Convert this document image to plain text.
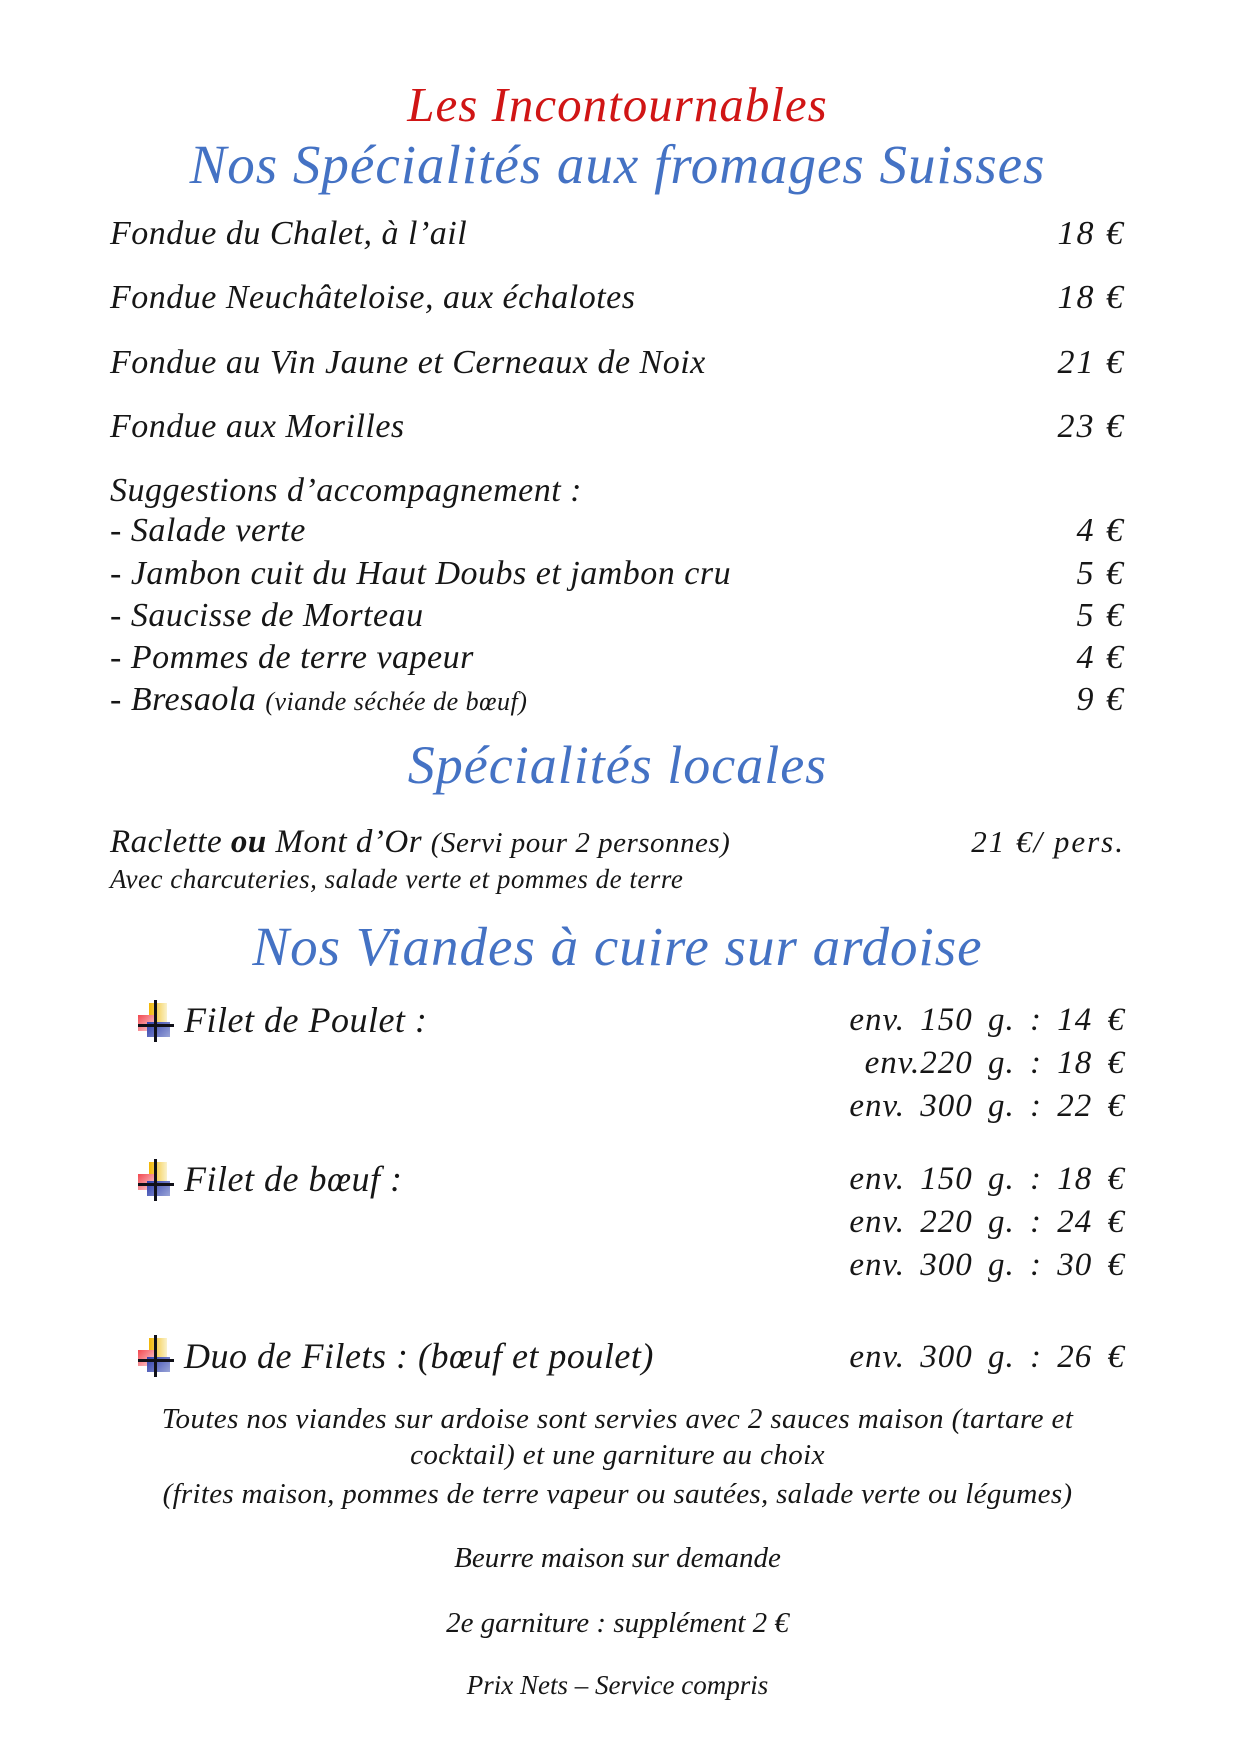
Les Incontournables
Nos Spécialités aux fromages Suisses
Fondue du Chalet, à l’ail	18 €
Fondue Neuchâteloise, aux échalotes	18 €
Fondue au Vin Jaune et Cerneaux de Noix	21 €
Fondue aux Morilles	23 €
Suggestions d’accompagnement :
- Salade verte	4 €
- Jambon cuit du Haut Doubs et jambon cru	5 €
- Saucisse de Morteau	5 €
- Pommes de terre vapeur	4 €
- Bresaola (viande séchée de bœuf)	9 €
Spécialités locales
Raclette ou Mont d’Or (Servi pour 2 personnes)	21 €/ pers.
Avec charcuteries, salade verte et pommes de terre
Nos Viandes à cuire sur ardoise
Filet de Poulet :	env. 150 g. : 14 €
env.220 g. : 18 €
env. 300 g. : 22 €
Filet de bœuf :	env. 150 g. : 18 €
env. 220 g. : 24 €
env. 300 g. : 30 €
Duo de Filets : (bœuf et poulet)	env. 300 g. : 26 €
Toutes nos viandes sur ardoise sont servies avec 2 sauces maison (tartare et cocktail) et une garniture au choix
(frites maison, pommes de terre vapeur ou sautées, salade verte ou légumes)
Beurre maison sur demande
2e garniture : supplément 2 €
Prix Nets – Service compris
